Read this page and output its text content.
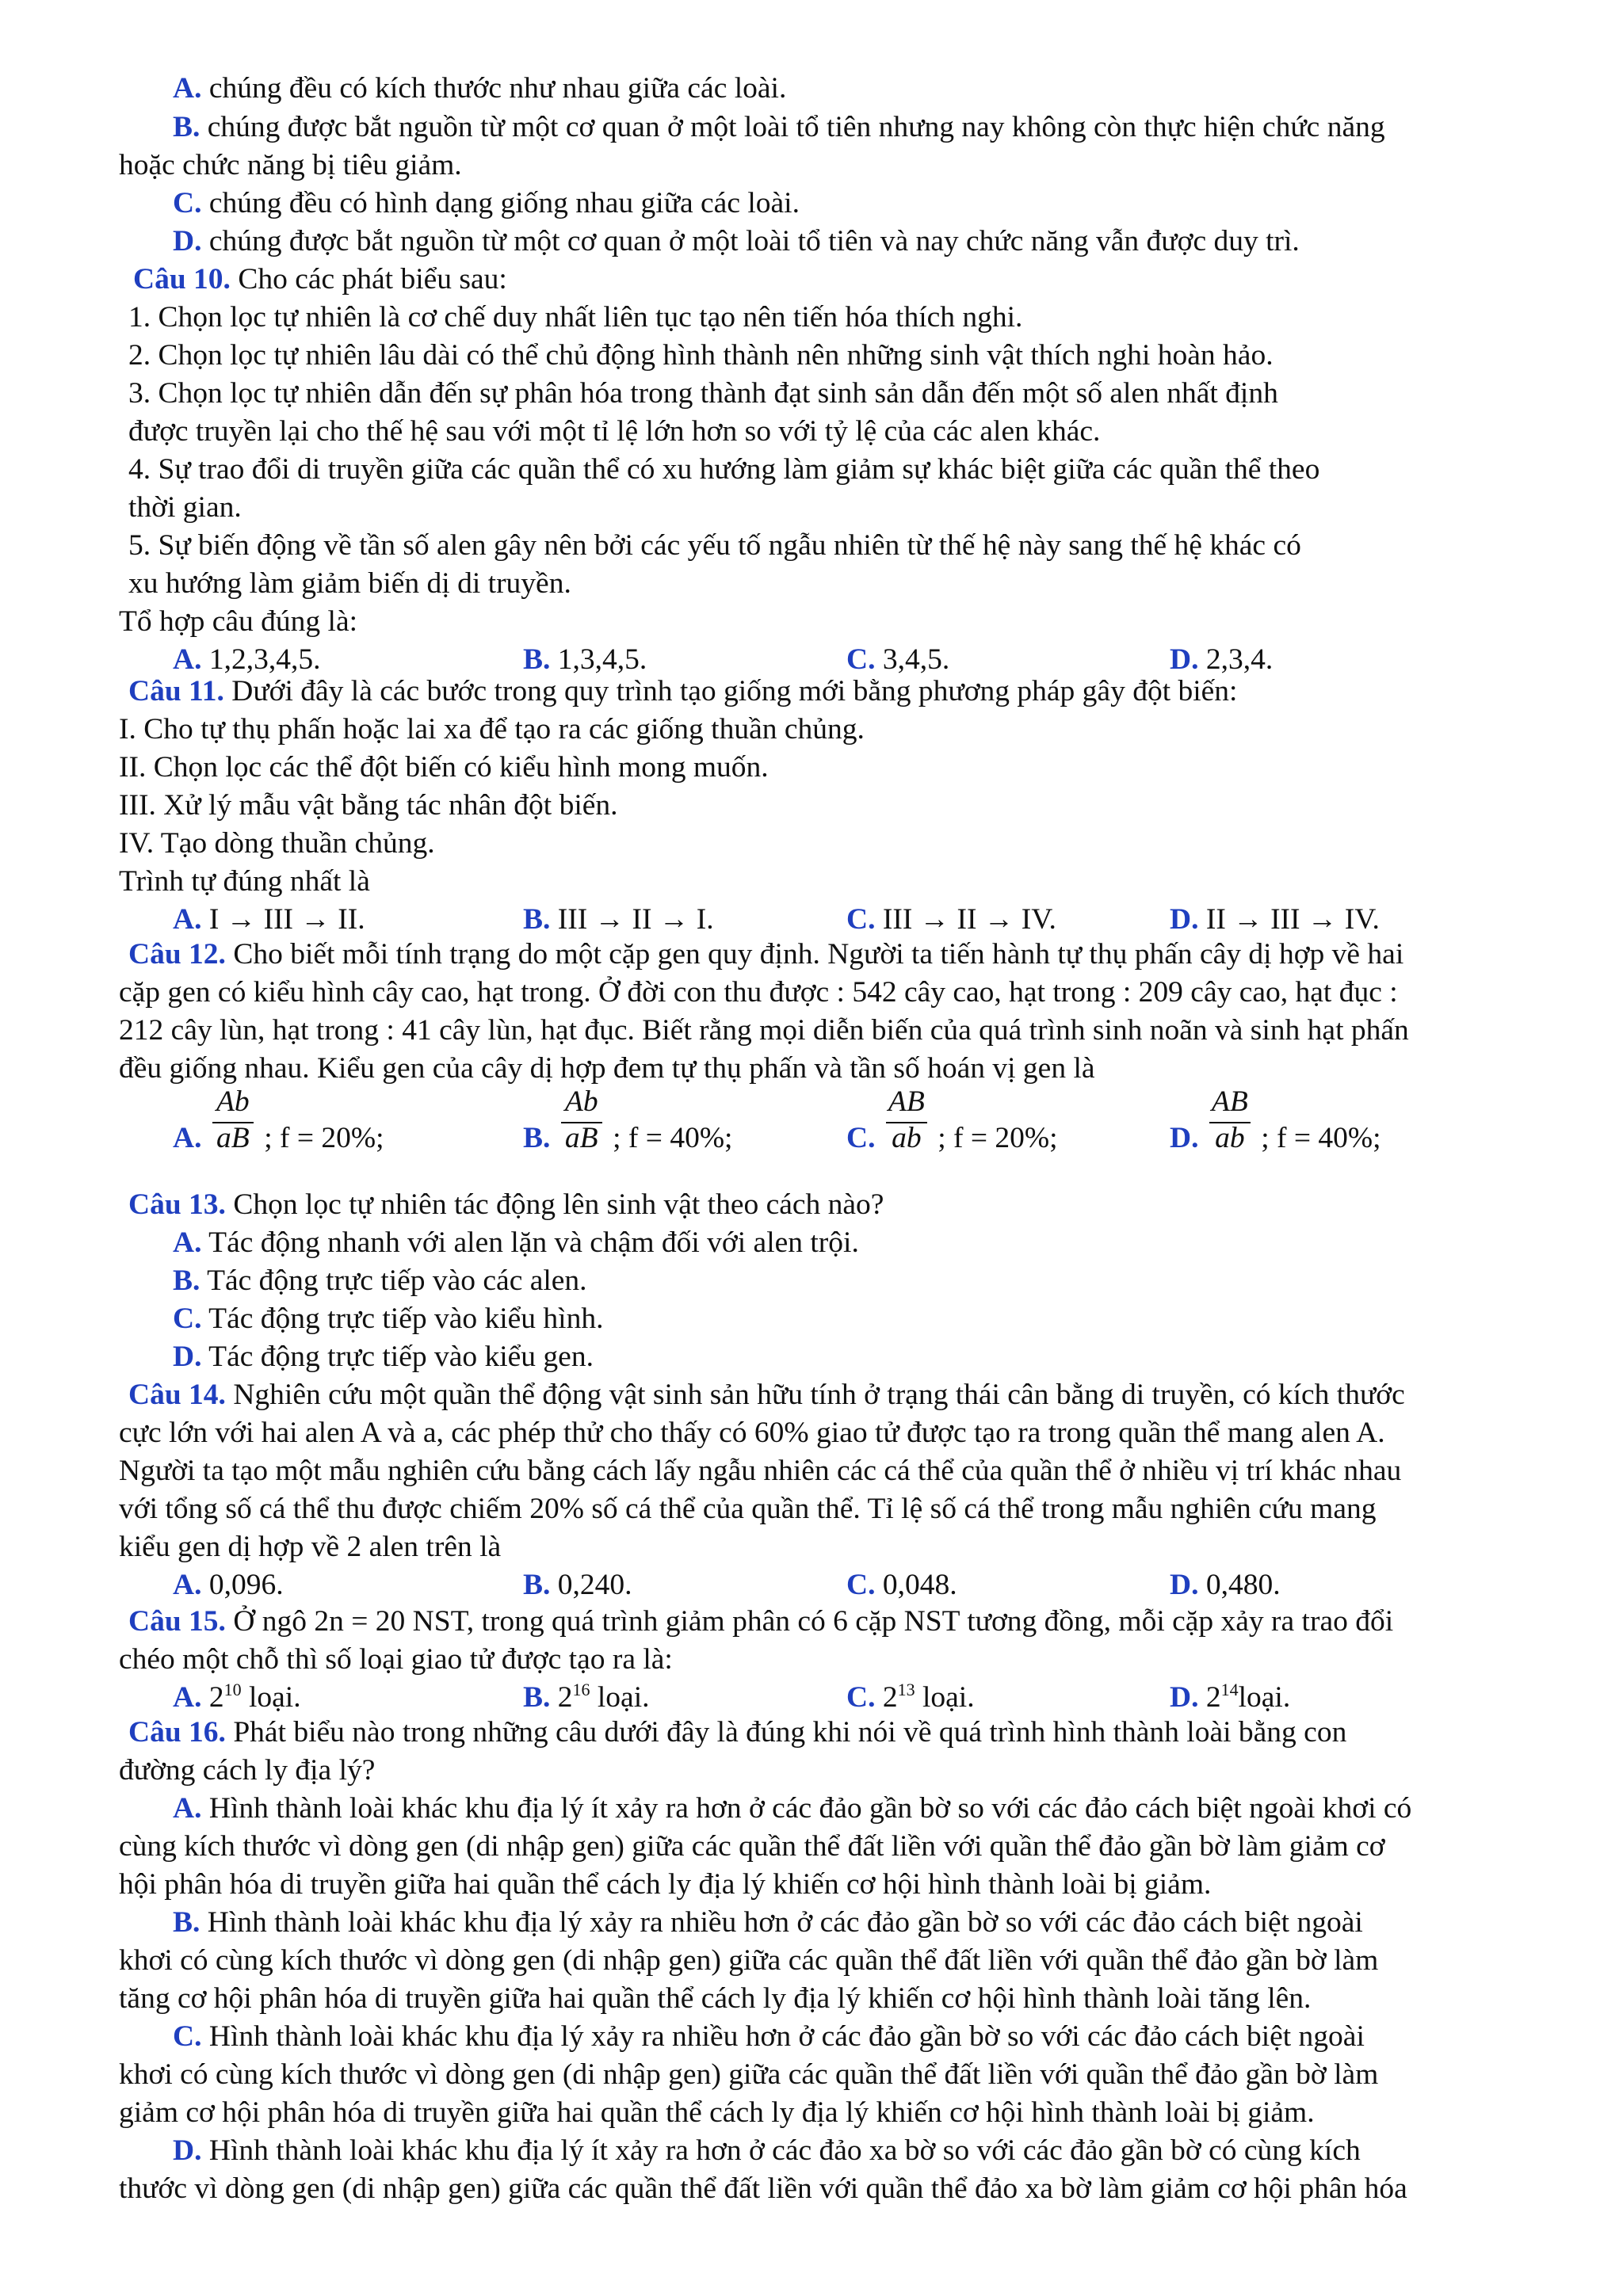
A. chúng đều có kích thước như nhau giữa các loài.
B. chúng được bắt nguồn từ một cơ quan ở một loài tổ tiên nhưng nay không còn thực hiện chức năng
hoặc chức năng bị tiêu giảm.
C. chúng đều có hình dạng giống nhau giữa các loài.
D. chúng được bắt nguồn từ một cơ quan ở một loài tổ tiên và nay chức năng vẫn được duy trì.
Câu 10. Cho các phát biểu sau:
1. Chọn lọc tự nhiên là cơ chế duy nhất liên tục tạo nên tiến hóa thích nghi.
2. Chọn lọc tự nhiên lâu dài có thể chủ động hình thành nên những sinh vật thích nghi hoàn hảo.
3. Chọn lọc tự nhiên dẫn đến sự phân hóa trong thành đạt sinh sản dẫn đến một số alen nhất định
được truyền lại cho thế hệ sau với một tỉ lệ lớn hơn so với tỷ lệ của các alen khác.
4. Sự trao đổi di truyền giữa các quần thể có xu hướng làm giảm sự khác biệt giữa các quần thể theo
thời gian.
5. Sự biến động về tần số alen gây nên bởi các yếu tố ngẫu nhiên từ thế hệ này sang thế hệ khác có
xu hướng làm giảm biến dị di truyền.
Tổ hợp câu đúng là:
A. 1,2,3,4,5.	B. 1,3,4,5.	C. 3,4,5.	D. 2,3,4.
Câu 11. Dưới đây là các bước trong quy trình tạo giống mới bằng phương pháp gây đột biến:
I. Cho tự thụ phấn hoặc lai xa để tạo ra các giống thuần chủng.
II. Chọn lọc các thể đột biến có kiểu hình mong muốn.
III. Xử lý mẫu vật bằng tác nhân đột biến.
IV. Tạo dòng thuần chủng.
Trình tự đúng nhất là
A. I → III → II.	B. III → II → I.	C. III → II → IV.	D. II → III → IV.
Câu 12. Cho biết mỗi tính trạng do một cặp gen quy định. Người ta tiến hành tự thụ phấn cây dị hợp về hai
cặp gen có kiểu hình cây cao, hạt trong. Ở đời con thu được : 542 cây cao, hạt trong : 209 cây cao, hạt đục :
212 cây lùn, hạt trong : 41 cây lùn, hạt đục. Biết rằng mọi diễn biến của quá trình sinh noãn và sinh hạt phấn
đều giống nhau. Kiểu gen của cây dị hợp đem tự thụ phấn và tần số hoán vị gen là
A. $\frac{Ab}{aB}$ ; f = 20%;	B. $\frac{Ab}{aB}$ ; f = 40%;	C. $\frac{AB}{ab}$ ; f = 20%;	D. $\frac{AB}{ab}$ ; f = 40%;
Câu 13. Chọn lọc tự nhiên tác động lên sinh vật theo cách nào?
A. Tác động nhanh với alen lặn và chậm đối với alen trội.
B. Tác động trực tiếp vào các alen.
C. Tác động trực tiếp vào kiểu hình.
D. Tác động trực tiếp vào kiểu gen.
Câu 14. Nghiên cứu một quần thể động vật sinh sản hữu tính ở trạng thái cân bằng di truyền, có kích thước
cực lớn với hai alen A và a, các phép thử cho thấy có 60% giao tử được tạo ra trong quần thể mang alen A.
Người ta tạo một mẫu nghiên cứu bằng cách lấy ngẫu nhiên các cá thể của quần thể ở nhiều vị trí khác nhau
với tổng số cá thể thu được chiếm 20% số cá thể của quần thể. Tỉ lệ số cá thể trong mẫu nghiên cứu mang
kiểu gen dị hợp về 2 alen trên là
A. 0,096.	B. 0,240.	C. 0,048.	D. 0,480.
Câu 15. Ở ngô 2n = 20 NST, trong quá trình giảm phân có 6 cặp NST tương đồng, mỗi cặp xảy ra trao đổi
chéo một chỗ thì số loại giao tử được tạo ra là:
A. $2^{10}$ loại.	B. $2^{16}$ loại.	C. $2^{13}$ loại.	D. $2^{14}loại$.
Câu 16. Phát biểu nào trong những câu dưới đây là đúng khi nói về quá trình hình thành loài bằng con
đường cách ly địa lý?
A. Hình thành loài khác khu địa lý ít xảy ra hơn ở các đảo gần bờ so với các đảo cách biệt ngoài khơi có
cùng kích thước vì dòng gen (di nhập gen) giữa các quần thể đất liền với quần thể đảo gần bờ làm giảm cơ
hội phân hóa di truyền giữa hai quần thể cách ly địa lý khiến cơ hội hình thành loài bị giảm.
B. Hình thành loài khác khu địa lý xảy ra nhiều hơn ở các đảo gần bờ so với các đảo cách biệt ngoài
khơi có cùng kích thước vì dòng gen (di nhập gen) giữa các quần thể đất liền với quần thể đảo gần bờ làm
tăng cơ hội phân hóa di truyền giữa hai quần thể cách ly địa lý khiến cơ hội hình thành loài tăng lên.
C. Hình thành loài khác khu địa lý xảy ra nhiều hơn ở các đảo gần bờ so với các đảo cách biệt ngoài
khơi có cùng kích thước vì dòng gen (di nhập gen) giữa các quần thể đất liền với quần thể đảo gần bờ làm
giảm cơ hội phân hóa di truyền giữa hai quần thể cách ly địa lý khiến cơ hội hình thành loài bị giảm.
D. Hình thành loài khác khu địa lý ít xảy ra hơn ở các đảo xa bờ so với các đảo gần bờ có cùng kích
thước vì dòng gen (di nhập gen) giữa các quần thể đất liền với quần thể đảo xa bờ làm giảm cơ hội phân hóa
